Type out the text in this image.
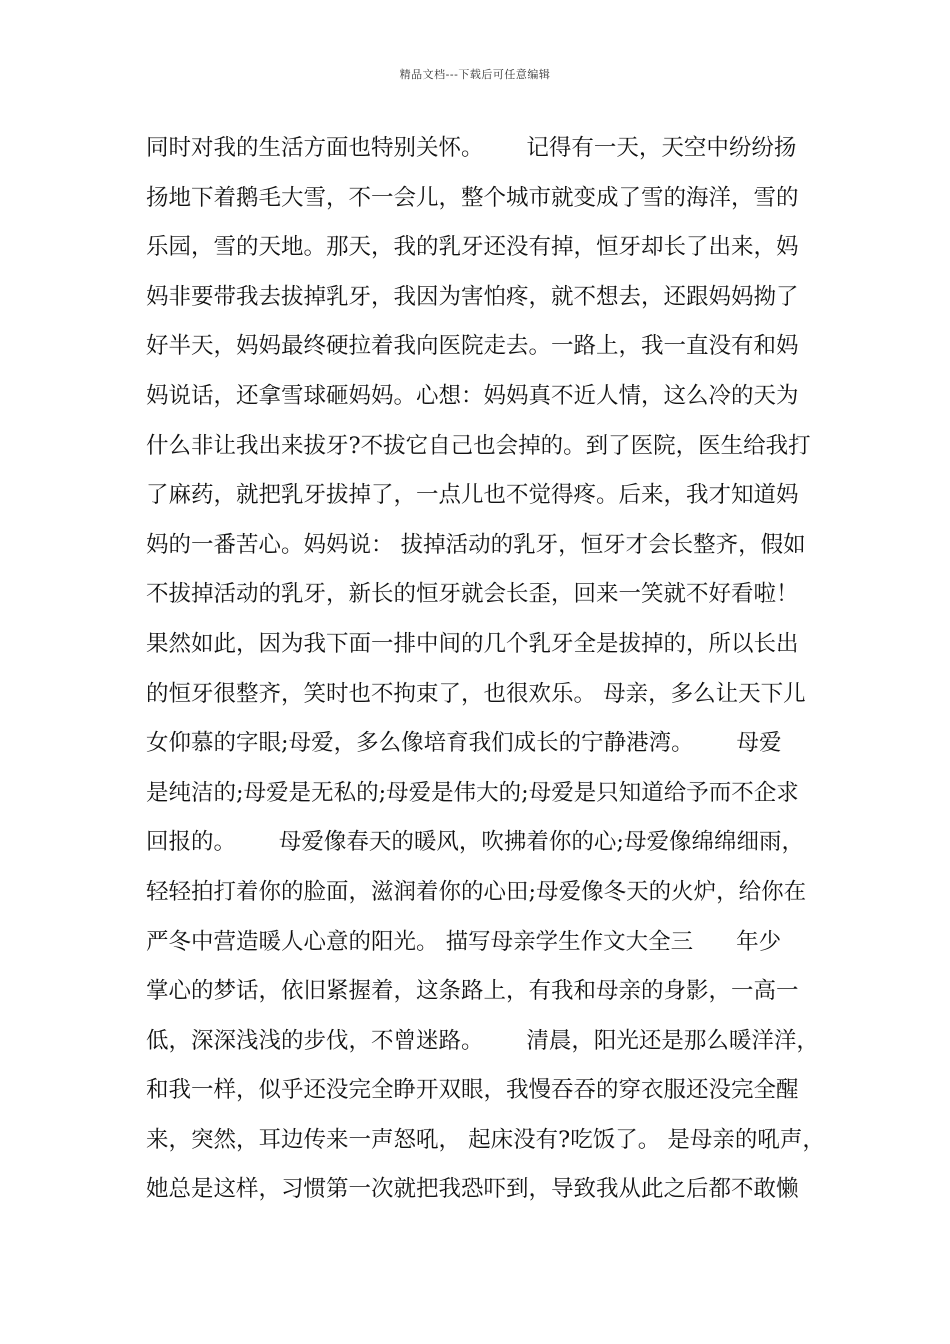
精品文档---下载后可任意编辑
同时对我的生活方面也特别关怀。      记得有一天，天空中纷纷扬
扬地下着鹅毛大雪，不一会儿，整个城市就变成了雪的海洋，雪的
乐园，雪的天地。那天，我的乳牙还没有掉，恒牙却长了出来，妈
妈非要带我去拔掉乳牙，我因为害怕疼，就不想去，还跟妈妈拗了
好半天，妈妈最终硬拉着我向医院走去。一路上，我一直没有和妈
妈说话，还拿雪球砸妈妈。心想：妈妈真不近人情，这么冷的天为
什么非让我出来拔牙?不拔它自己也会掉的。到了医院，医生给我打
了麻药，就把乳牙拔掉了，一点儿也不觉得疼。后来，我才知道妈
妈的一番苦心。妈妈说： 拔掉活动的乳牙，恒牙才会长整齐，假如
不拔掉活动的乳牙，新长的恒牙就会长歪，回来一笑就不好看啦！
果然如此，因为我下面一排中间的几个乳牙全是拔掉的，所以长出
的恒牙很整齐，笑时也不拘束了，也很欢乐。 母亲，多么让天下儿
女仰慕的字眼;母爱，多么像培育我们成长的宁静港湾。      母爱
是纯洁的;母爱是无私的;母爱是伟大的;母爱是只知道给予而不企求
回报的。      母爱像春天的暖风，吹拂着你的心;母爱像绵绵细雨，
轻轻拍打着你的脸面，滋润着你的心田;母爱像冬天的火炉，给你在
严冬中营造暖人心意的阳光。 描写母亲学生作文大全三      年少
掌心的梦话，依旧紧握着，这条路上，有我和母亲的身影，一高一
低，深深浅浅的步伐，不曾迷路。      清晨，阳光还是那么暖洋洋，
和我一样，似乎还没完全睁开双眼，我慢吞吞的穿衣服还没完全醒
来，突然，耳边传来一声怒吼， 起床没有?吃饭了。 是母亲的吼声，
她总是这样，习惯第一次就把我恐吓到，导致我从此之后都不敢懒
